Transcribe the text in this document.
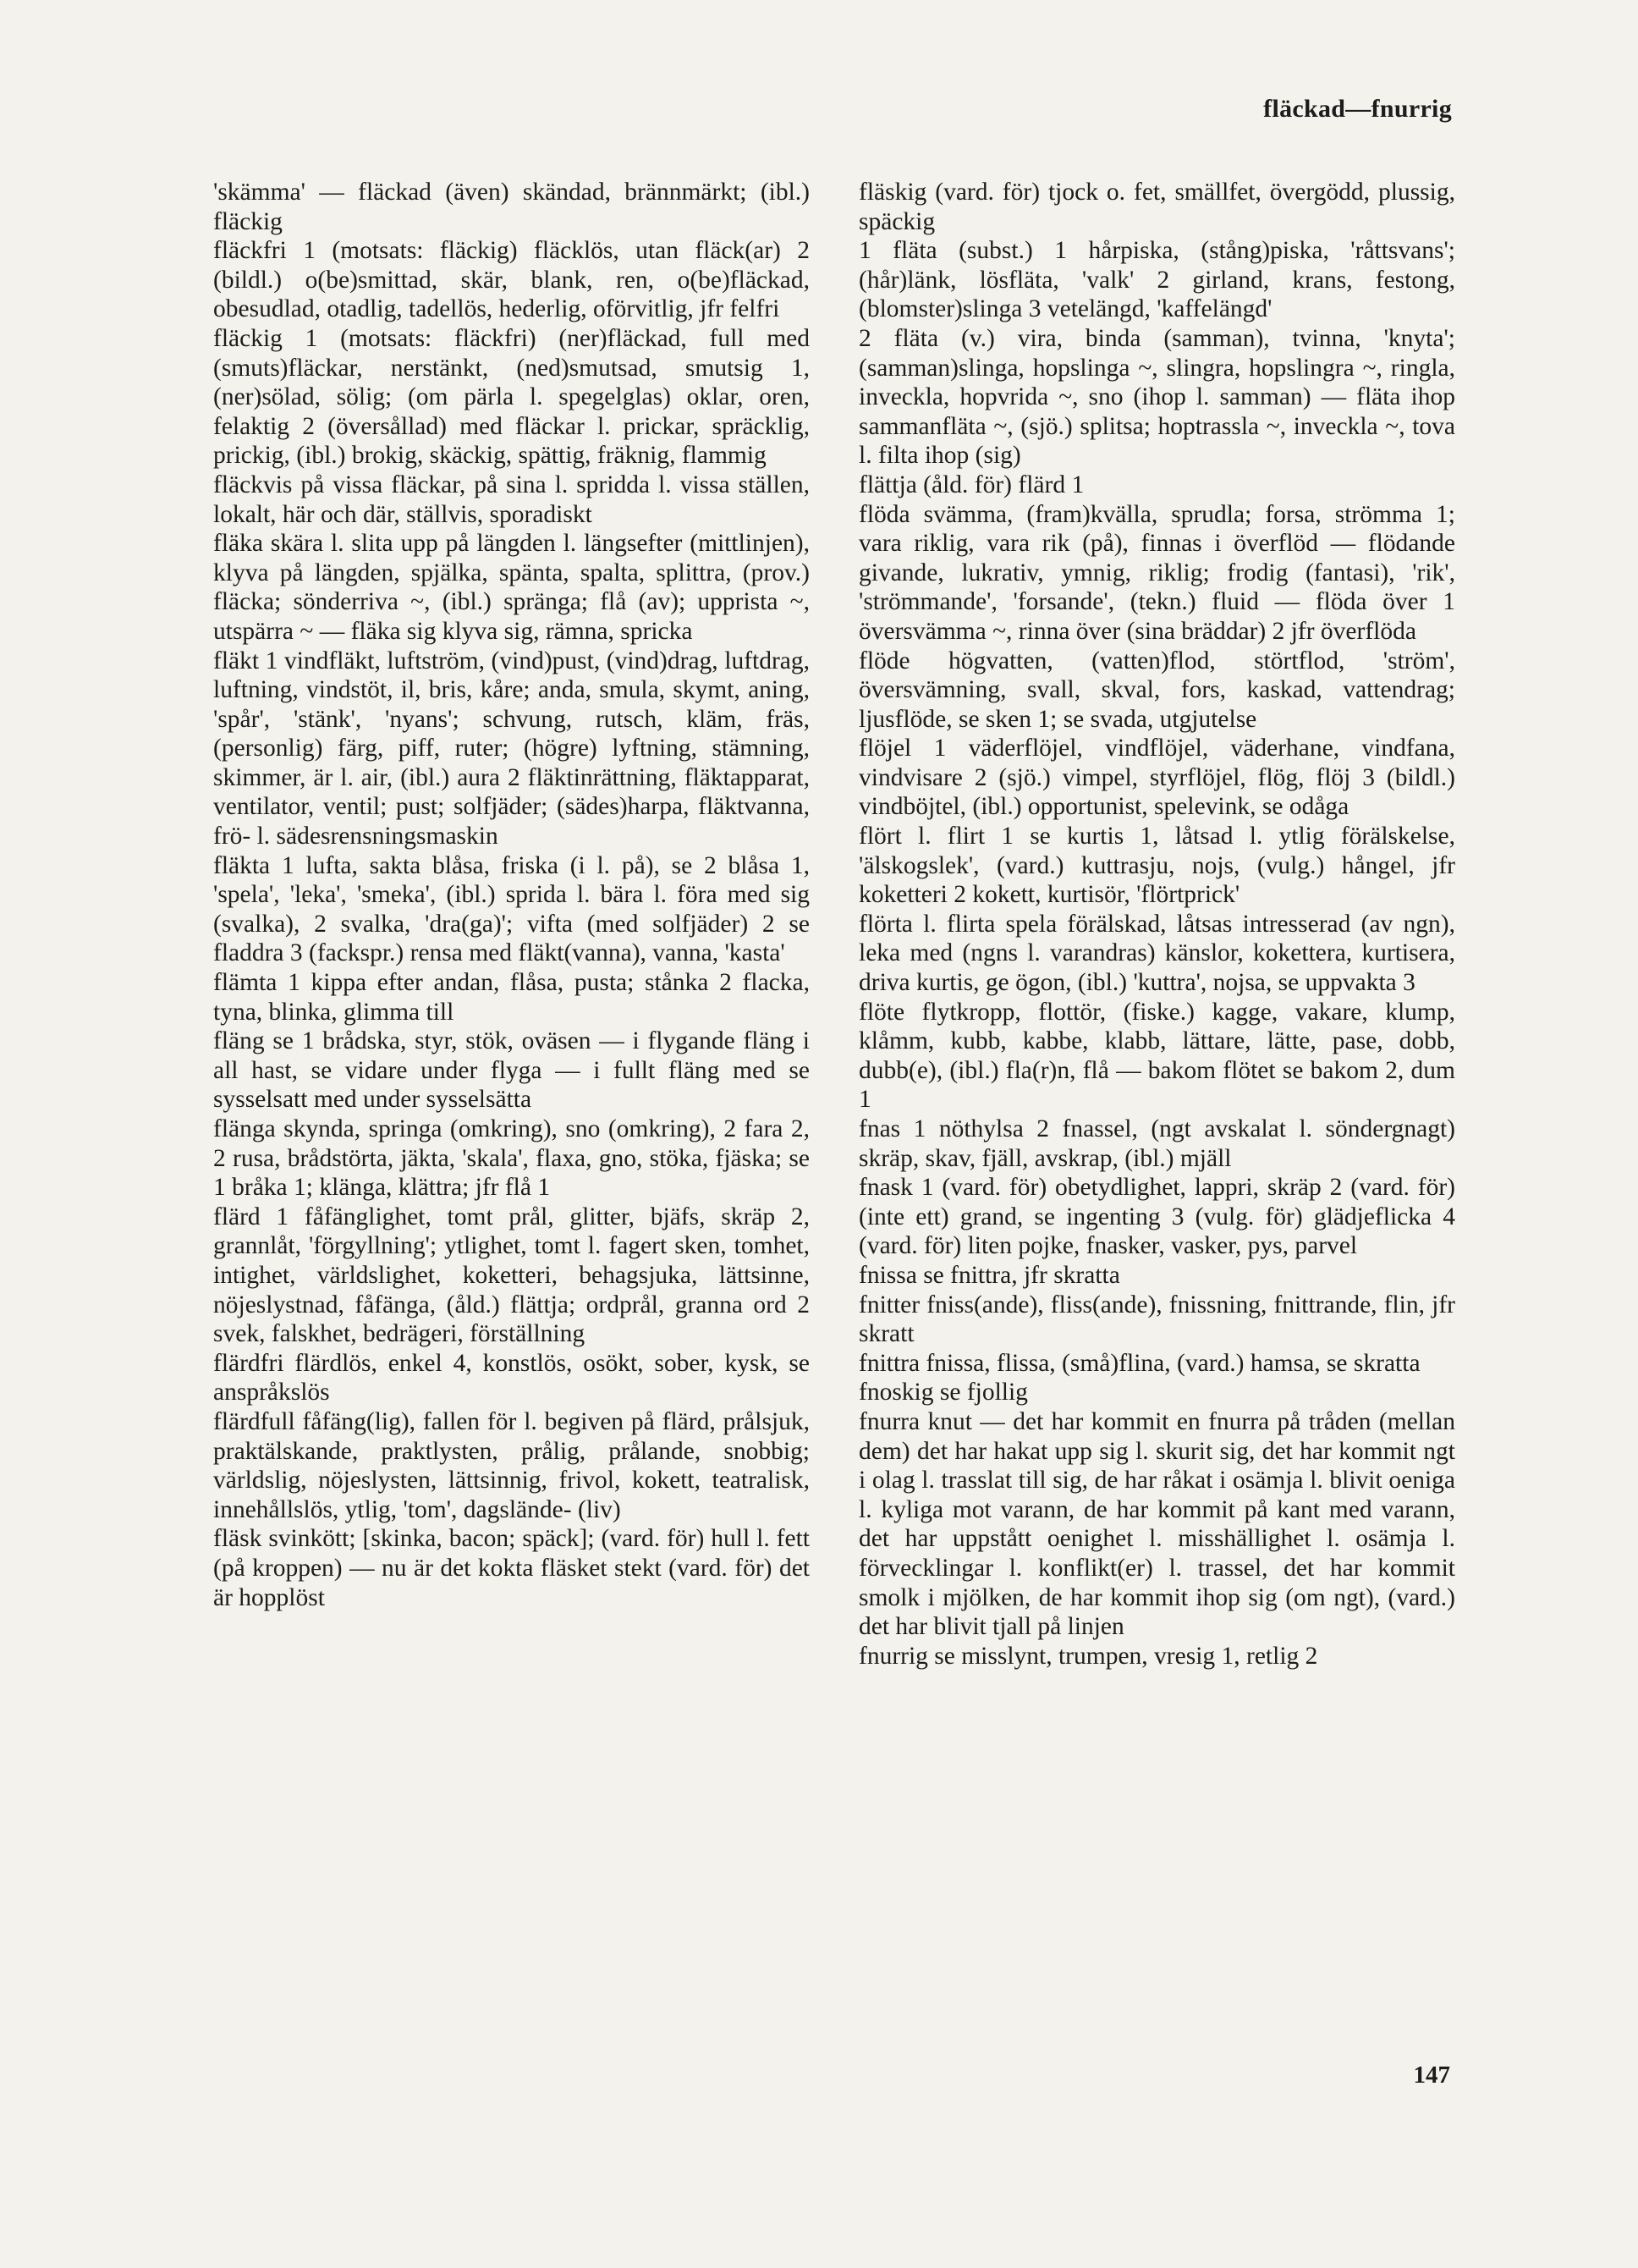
fläckad—fnurrig

'skämma' — fläckad (även) skändad, brännmärkt; (ibl.) fläckig

fläckfri 1 (motsats: fläckig) fläcklös, utan fläck(ar) 2 (bildl.) o(be)smittad, skär, blank, ren, o(be)fläckad, obesudlad, otadlig, tadellös, hederlig, oförvitlig, jfr felfri

fläckig 1 (motsats: fläckfri) (ner)fläckad, full med (smuts)fläckar, nerstänkt, (ned)smutsad, smutsig 1, (ner)sölad, sölig; (om pärla l. spegelglas) oklar, oren, felaktig 2 (översållad) med fläckar l. prickar, spräcklig, prickig, (ibl.) brokig, skäckig, spättig, fräknig, flammig

fläckvis på vissa fläckar, på sina l. spridda l. vissa ställen, lokalt, här och där, ställvis, sporadiskt

fläka skära l. slita upp på längden l. längsefter (mittlinjen), klyva på längden, spjälka, spänta, spalta, splittra, (prov.) fläcka; sönderriva ~, (ibl.) spränga; flå (av); upprista ~, utspärra ~ — fläka sig klyva sig, rämna, spricka

fläkt 1 vindfläkt, luftström, (vind)pust, (vind)drag, luftdrag, luftning, vindstöt, il, bris, kåre; anda, smula, skymt, aning, 'spår', 'stänk', 'nyans'; schvung, rutsch, kläm, fräs, (personlig) färg, piff, ruter; (högre) lyftning, stämning, skimmer, är l. air, (ibl.) aura 2 fläktinrättning, fläktapparat, ventilator, ventil; pust; solfjäder; (sädes)harpa, fläktvanna, frö- l. sädesrensningsmaskin

fläkta 1 lufta, sakta blåsa, friska (i l. på), se 2 blåsa 1, 'spela', 'leka', 'smeka', (ibl.) sprida l. bära l. föra med sig (svalka), 2 svalka, 'dra(ga)'; vifta (med solfjäder) 2 se fladdra 3 (fackspr.) rensa med fläkt(vanna), vanna, 'kasta'

flämta 1 kippa efter andan, flåsa, pusta; stånka 2 flacka, tyna, blinka, glimma till

fläng se 1 brådska, styr, stök, oväsen — i flygande fläng i all hast, se vidare under flyga — i fullt fläng med se sysselsatt med under sysselsätta

flänga skynda, springa (omkring), sno (omkring), 2 fara 2, 2 rusa, brådstörta, jäkta, 'skala', flaxa, gno, stöka, fjäska; se 1 bråka 1; klänga, klättra; jfr flå 1

flärd 1 fåfänglighet, tomt prål, glitter, bjäfs, skräp 2, grannlåt, 'förgyllning'; ytlighet, tomt l. fagert sken, tomhet, intighet, världslighet, koketteri, behagsjuka, lättsinne, nöjeslystnad, fåfänga, (åld.) flättja; ordprål, granna ord 2 svek, falskhet, bedrägeri, förställning

flärdfri flärdlös, enkel 4, konstlös, osökt, sober, kysk, se anspråkslös

flärdfull fåfäng(lig), fallen för l. begiven på flärd, prålsjuk, praktälskande, praktlysten, prålig, prålande, snobbig; världslig, nöjeslysten, lättsinnig, frivol, kokett, teatralisk, innehållslös, ytlig, 'tom', dagslände- (liv)

fläsk svinkött; [skinka, bacon; späck]; (vard. för) hull l. fett (på kroppen) — nu är det kokta fläsket stekt (vard. för) det är hopplöst

fläskig (vard. för) tjock o. fet, smällfet, övergödd, plussig, späckig

1 fläta (subst.) 1 hårpiska, (stång)piska, 'råttsvans'; (hår)länk, lösfläta, 'valk' 2 girland, krans, festong, (blomster)slinga 3 vetelängd, 'kaffelängd'

2 fläta (v.) vira, binda (samman), tvinna, 'knyta'; (samman)slinga, hopslinga ~, slingra, hopslingra ~, ringla, inveckla, hopvrida ~, sno (ihop l. samman) — fläta ihop sammanfläta ~, (sjö.) splitsa; hoptrassla ~, inveckla ~, tova l. filta ihop (sig)

flättja (åld. för) flärd 1

flöda svämma, (fram)kvälla, sprudla; forsa, strömma 1; vara riklig, vara rik (på), finnas i överflöd — flödande givande, lukrativ, ymnig, riklig; frodig (fantasi), 'rik', 'strömmande', 'forsande', (tekn.) fluid — flöda över 1 översvämma ~, rinna över (sina bräddar) 2 jfr överflöda

flöde högvatten, (vatten)flod, störtflod, 'ström', översvämning, svall, skval, fors, kaskad, vattendrag; ljusflöde, se sken 1; se svada, utgjutelse

flöjel 1 väderflöjel, vindflöjel, väderhane, vindfana, vindvisare 2 (sjö.) vimpel, styrflöjel, flög, flöj 3 (bildl.) vindböjtel, (ibl.) opportunist, spelevink, se odåga

flört l. flirt 1 se kurtis 1, låtsad l. ytlig förälskelse, 'älskogslek', (vard.) kuttrasju, nojs, (vulg.) hångel, jfr koketteri 2 kokett, kurtisör, 'flörtprick'

flörta l. flirta spela förälskad, låtsas intresserad (av ngn), leka med (ngns l. varandras) känslor, kokettera, kurtisera, driva kurtis, ge ögon, (ibl.) 'kuttra', nojsa, se uppvakta 3

flöte flytkropp, flottör, (fiske.) kagge, vakare, klump, klåmm, kubb, kabbe, klabb, lättare, lätte, pase, dobb, dubb(e), (ibl.) fla(r)n, flå — bakom flötet se bakom 2, dum 1

fnas 1 nöthylsa 2 fnassel, (ngt avskalat l. söndergnagt) skräp, skav, fjäll, avskrap, (ibl.) mjäll

fnask 1 (vard. för) obetydlighet, lappri, skräp 2 (vard. för) (inte ett) grand, se ingenting 3 (vulg. för) glädjeflicka 4 (vard. för) liten pojke, fnasker, vasker, pys, parvel

fnissa se fnittra, jfr skratta

fnitter fniss(ande), fliss(ande), fnissning, fnittrande, flin, jfr skratt

fnittra fnissa, flissa, (små)flina, (vard.) hamsa, se skratta

fnoskig se fjollig

fnurra knut — det har kommit en fnurra på tråden (mellan dem) det har hakat upp sig l. skurit sig, det har kommit ngt i olag l. trasslat till sig, de har råkat i osämja l. blivit oeniga l. kyliga mot varann, de har kommit på kant med varann, det har uppstått oenighet l. misshällighet l. osämja l. förvecklingar l. konflikt(er) l. trassel, det har kommit smolk i mjölken, de har kommit ihop sig (om ngt), (vard.) det har blivit tjall på linjen

fnurrig se misslynt, trumpen, vresig 1, retlig 2

147
